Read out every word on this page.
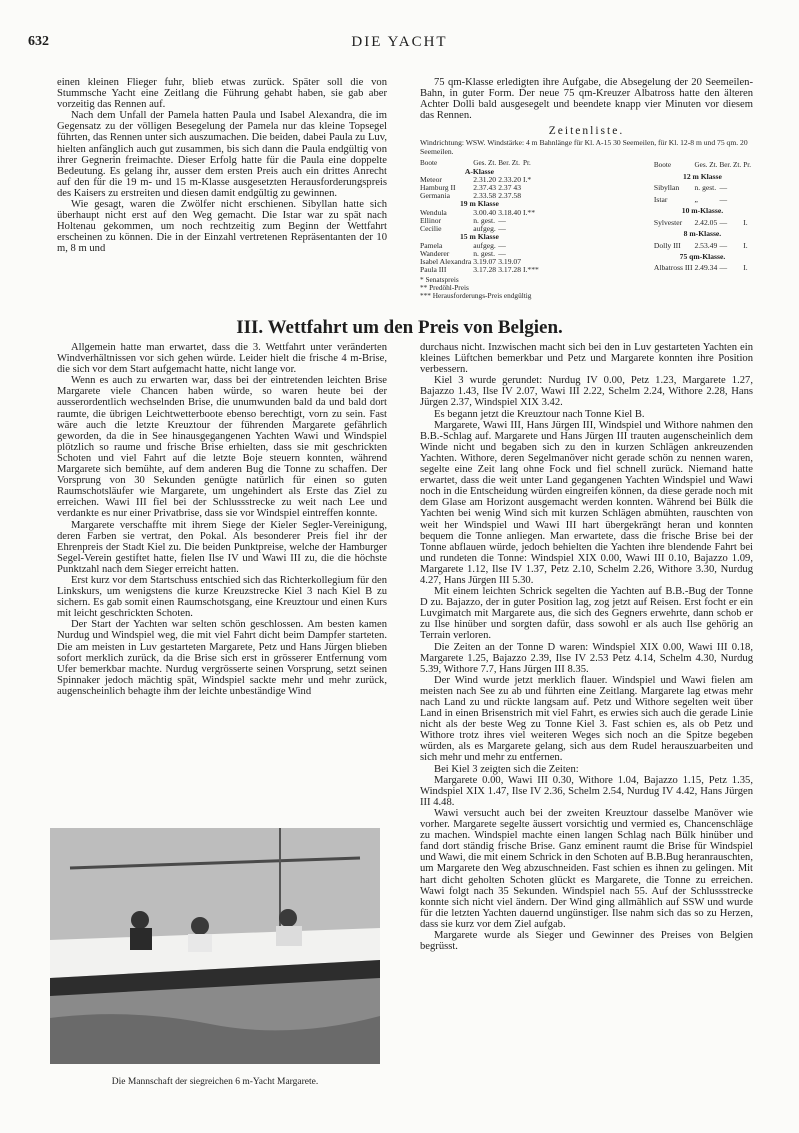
DIE YACHT
632

einen kleinen Flieger fuhr, blieb etwas zurück. Später soll die von Stummsche Yacht eine Zeitlang die Führung gehabt haben, sie gab aber vorzeitig das Rennen auf.

Nach dem Unfall der Pamela hatten Paula und Isabel Alexandra, die im Gegensatz zu der völligen Besegelung der Pamela nur das kleine Topsegel führten, das Rennen unter sich auszumachen. Die beiden, dabei Paula zu Luv, hielten anfänglich auch gut zusammen, bis sich dann die Paula endgültig von ihrer Gegnerin freimachte. Dieser Erfolg hatte für die Paula eine doppelte Bedeutung. Es gelang ihr, ausser dem ersten Preis auch ein drittes Anrecht auf den für die 19 m- und 15 m-Klasse ausgesetzten Herausforderungspreis des Kaisers zu erstreiten und diesen damit endgültig zu gewinnen.

Wie gesagt, waren die Zwölfer nicht erschienen. Sibyllan hatte sich überhaupt nicht erst auf den Weg gemacht. Die Istar war zu spät nach Holtenau gekommen, um noch rechtzeitig zum Beginn der Wettfahrt erscheinen zu können. Die in der Einzahl vertretenen Repräsentanten der 10 m, 8 m und

75 qm-Klasse erledigten ihre Aufgabe, die Absegelung der 20 Seemeilen-Bahn, in guter Form. Der neue 75 qm-Kreuzer Albatross hatte den älteren Achter Dolli bald ausgesegelt und beendete knapp vier Minuten vor diesem das Rennen.

Zeitenliste.
Windrichtung: WSW. Windstärke: 4 m Bahnlänge für Kl. A-15 30 Seemeilen, für Kl. 12-8 m und 75 qm. 20 Seemeilen.
Boote	Ges. Zt.	Ber. Zt.	Pr.
A-Klasse			
Meteor	2.31.20	2.33.20	I.*
Hamburg II	2.37.43	2.37 43	
Germania	2.33.58	2.37.58	
19 m Klasse			
Wendula	3.00.40	3.18.40	I.**
Ellinor	n. gest.	—	
Cecilie	aufgeg.	—	
15 m Klasse			
Pamela	aufgeg.	—	
Wanderer	n. gest.	—	
Isabel Alexandra	3.19.07	3.19.07	
Paula III	3.17.28	3.17.28	I.***
Boote	Ges. Zt.	Ber. Zt.	Pr.
12 m Klasse			
Sibyllan	n. gest.	—	
Istar	„	—	
10 m-Klasse.			
Sylvester	2.42.05	—	I.
8 m-Klasse.			
Dolly III	2.53.49	—	I.
75 qm-Klasse.			
Albatross III	2.49.34	—	I.
* Senatspreis
** Predöhl-Preis
*** Herausforderungs-Preis endgültig
III. Wettfahrt um den Preis von Belgien.

Allgemein hatte man erwartet, dass die 3. Wettfahrt unter veränderten Windverhältnissen vor sich gehen würde. Leider hielt die frische 4 m-Brise, die sich vor dem Start aufgemacht hatte, nicht lange vor.

Wenn es auch zu erwarten war, dass bei der eintretenden leichten Brise Margarete viele Chancen haben würde, so waren heute bei der ausserordentlich wechselnden Brise, die unumwunden bald da und bald dort raumte, die übrigen Leichtwetterboote ebenso berechtigt, vorn zu sein. Fast wäre auch die letzte Kreuztour der führenden Margarete gefährlich geworden, da die in See hinausgegangenen Yachten Wawi und Windspiel plötzlich so raume und frische Brise erhielten, dass sie mit geschrickten Schoten und viel Fahrt auf die letzte Boje steuern konnten, während Margarete sich bemühte, auf dem anderen Bug die Tonne zu schaffen. Der Vorsprung von 30 Sekunden genügte natürlich für einen so guten Raumschotsläufer wie Margarete, um ungehindert als Erste das Ziel zu erreichen. Wawi III fiel bei der Schlussstrecke zu weit nach Lee und verdankte es nur einer Privatbrise, dass sie vor Windspiel eintreffen konnte.

Margarete verschaffte mit ihrem Siege der Kieler Segler-Vereinigung, deren Farben sie vertrat, den Pokal. Als besonderer Preis fiel ihr der Ehrenpreis der Stadt Kiel zu. Die beiden Punktpreise, welche der Hamburger Segel-Verein gestiftet hatte, fielen Ilse IV und Wawi III zu, die die höchste Punktzahl nach dem Sieger erreicht hatten.

Erst kurz vor dem Startschuss entschied sich das Richterkollegium für den Linkskurs, um wenigstens die kurze Kreuzstrecke Kiel 3 nach Kiel B zu sichern. Es gab somit einen Raumschotsgang, eine Kreuztour und einen Kurs mit leicht geschrickten Schoten.

Der Start der Yachten war selten schön geschlossen. Am besten kamen Nurdug und Windspiel weg, die mit viel Fahrt dicht beim Dampfer starteten. Die am meisten in Luv gestarteten Margarete, Petz und Hans Jürgen blieben sofort merklich zurück, da die Brise sich erst in grösserer Entfernung vom Ufer bemerkbar machte. Nurdug vergrösserte seinen Vorsprung, setzt seinen Spinnaker jedoch mächtig spät, Windspiel sackte mehr und mehr zurück, augenscheinlich behagte ihm der leichte unbeständige Wind

Die Mannschaft der siegreichen 6 m-Yacht Margarete.

durchaus nicht. Inzwischen macht sich bei den in Luv gestarteten Yachten ein kleines Lüftchen bemerkbar und Petz und Margarete konnten ihre Position verbessern.

Kiel 3 wurde gerundet: Nurdug IV 0.00, Petz 1.23, Margarete 1.27, Bajazzo 1.43, Ilse IV 2.07, Wawi III 2.22, Schelm 2.24, Withore 2.28, Hans Jürgen 2.37, Windspiel XIX 3.42.

Es begann jetzt die Kreuztour nach Tonne Kiel B.

Margarete, Wawi III, Hans Jürgen III, Windspiel und Withore nahmen den B.B.-Schlag auf. Margarete und Hans Jürgen III trauten augenscheinlich dem Winde nicht und begaben sich zu den in kurzen Schlägen ankreuzenden Yachten. Withore, deren Segelmanöver nicht gerade schön zu nennen waren, segelte eine Zeit lang ohne Fock und fiel schnell zurück. Niemand hatte erwartet, dass die weit unter Land gegangenen Yachten Windspiel und Wawi noch in die Entscheidung würden eingreifen können, da diese gerade noch mit dem Glase am Horizont ausgemacht werden konnten. Während bei Bülk die Yachten bei wenig Wind sich mit kurzen Schlägen abmühten, rauschten von weit her Windspiel und Wawi III hart übergekrängt heran und konnten bequem die Tonne anliegen. Man erwartete, dass die frische Brise bei der Tonne abflauen würde, jedoch behielten die Yachten ihre blendende Fahrt bei und rundeten die Tonne: Windspiel XIX 0.00, Wawi III 0.10, Bajazzo 1.09, Margarete 1.12, Ilse IV 1.37, Petz 2.10, Schelm 2.26, Withore 3.30, Nurdug 4.27, Hans Jürgen III 5.30.

Mit einem leichten Schrick segelten die Yachten auf B.B.-Bug der Tonne D zu. Bajazzo, der in guter Position lag, zog jetzt auf Reisen. Erst focht er ein Luvgimatch mit Margarete aus, die sich des Gegners erwehrte, dann schob er zu Ilse hinüber und sorgten dafür, dass sowohl er als auch Ilse gehörig an Terrain verloren.

Die Zeiten an der Tonne D waren: Windspiel XIX 0.00, Wawi III 0.18, Margarete 1.25, Bajazzo 2.39, Ilse IV 2.53 Petz 4.14, Schelm 4.30, Nurdug 5.39, Withore 7.7, Hans Jürgen III 8.35.

Der Wind wurde jetzt merklich flauer. Windspiel und Wawi fielen am meisten nach See zu ab und führten eine Zeitlang. Margarete lag etwas mehr nach Land zu und rückte langsam auf. Petz und Withore segelten weit über Land in einen Brisenstrich mit viel Fahrt, es erwies sich auch die gerade Linie nicht als der beste Weg zu Tonne Kiel 3. Fast schien es, als ob Petz und Withore trotz ihres viel weiteren Weges sich noch an die Spitze begeben würden, als es Margarete gelang, sich aus dem Rudel herauszuarbeiten und sich mehr und mehr zu entfernen.

Bei Kiel 3 zeigten sich die Zeiten:

Margarete 0.00, Wawi III 0.30, Withore 1.04, Bajazzo 1.15, Petz 1.35, Windspiel XIX 1.47, Ilse IV 2.36, Schelm 2.54, Nurdug IV 4.42, Hans Jürgen III 4.48.

Wawi versucht auch bei der zweiten Kreuztour dasselbe Manöver wie vorher. Margarete segelte äussert vorsichtig und vermied es, Chancenschläge zu machen. Windspiel machte einen langen Schlag nach Bülk hinüber und fand dort ständig frische Brise. Ganz eminent raumt die Brise für Windspiel und Wawi, die mit einem Schrick in den Schoten auf B.B.Bug heranrauschten, um Margarete den Weg abzuschneiden. Fast schien es ihnen zu gelingen. Mit hart dicht geholten Schoten glückt es Margarete, die Tonne zu erreichen. Wawi folgt nach 35 Sekunden. Windspiel nach 55. Auf der Schlussstrecke konnte sich nicht viel ändern. Der Wind ging allmählich auf SSW und wurde für die letzten Yachten dauernd ungünstiger. Ilse nahm sich das so zu Herzen, dass sie kurz vor dem Ziel aufgab.

Margarete wurde als Sieger und Gewinner des Preises von Belgien begrüsst.
